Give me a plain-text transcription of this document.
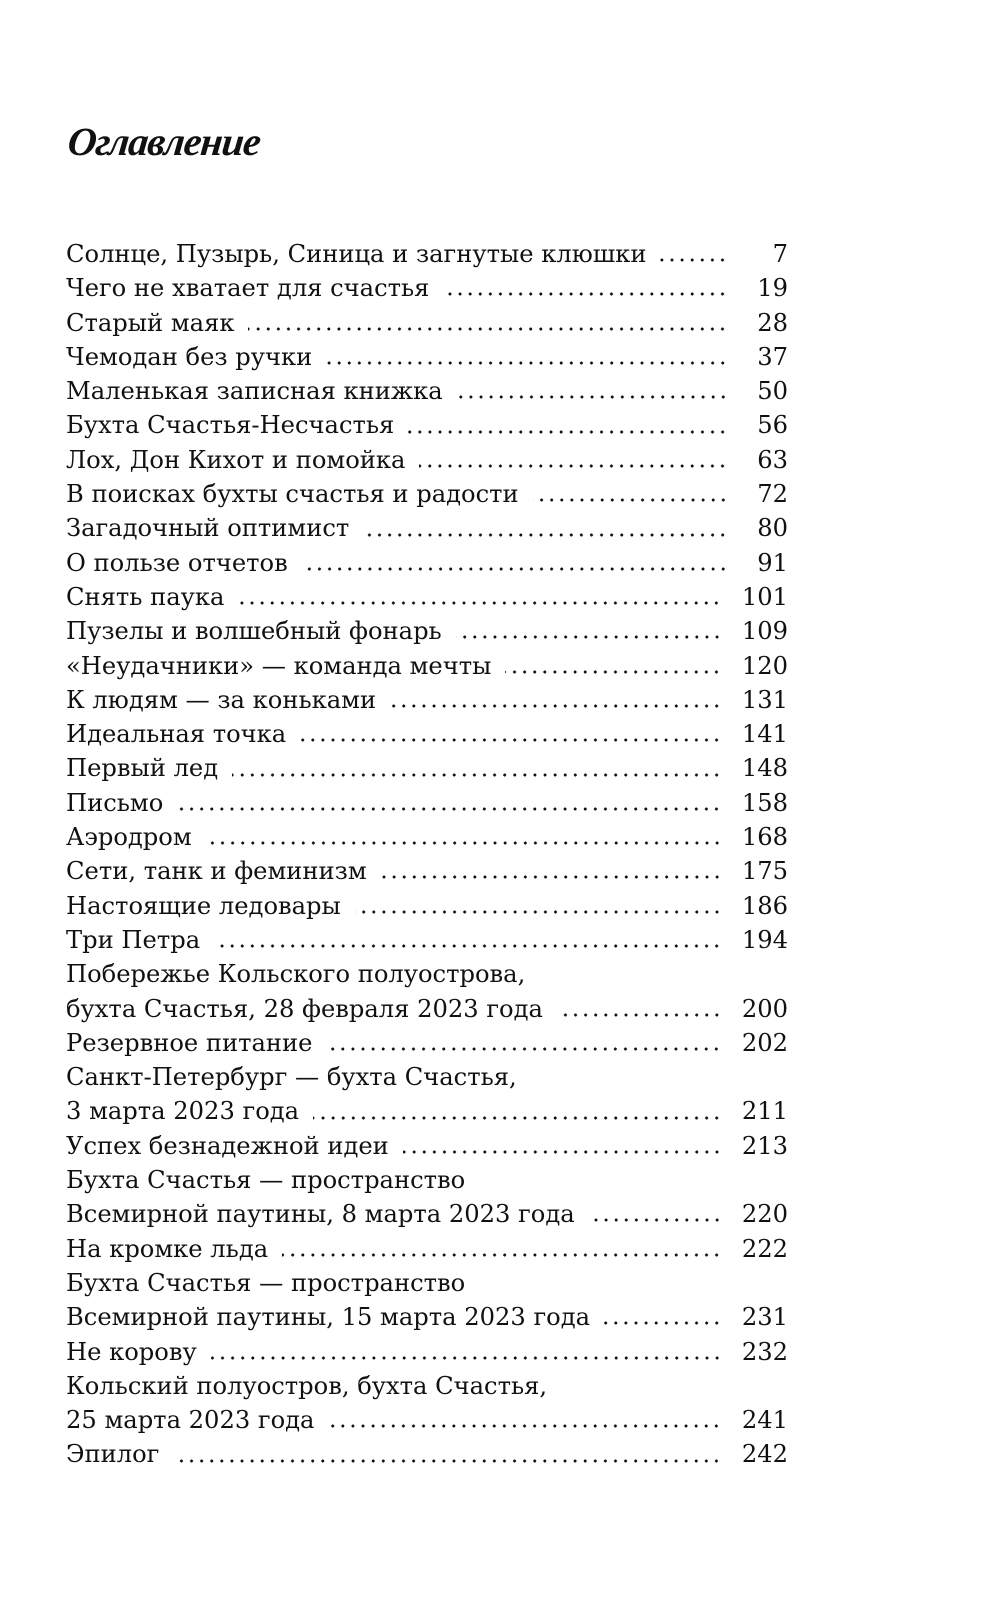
Оглавление
Солнце, Пузырь, Синица и загнутые клюшки	7
Чего не хватает для счастья	19
Старый маяк	28
Чемодан без ручки	37
Маленькая записная книжка	50
Бухта Счастья-Несчастья	56
Лох, Дон Кихот и помойка	63
В поисках бухты счастья и радости	72
Загадочный оптимист	80
О пользе отчетов	91
Снять паука	101
Пузелы и волшебный фонарь	109
«Неудачники» — команда мечты	120
К людям — за коньками	131
Идеальная точка	141
Первый лед	148
Письмо	158
Аэродром	168
Сети, танк и феминизм	175
Настоящие ледовары	186
Три Петра	194
Побережье Кольского полуострова,
бухта Счастья, 28 февраля 2023 года	200
Резервное питание	202
Санкт-Петербург — бухта Счастья,
3 марта 2023 года	211
Успех безнадежной идеи	213
Бухта Счастья — пространство
Всемирной паутины, 8 марта 2023 года	220
На кромке льда	222
Бухта Счастья — пространство
Всемирной паутины, 15 марта 2023 года	231
Не корову	232
Кольский полуостров, бухта Счастья,
25 марта 2023 года	241
Эпилог	242
